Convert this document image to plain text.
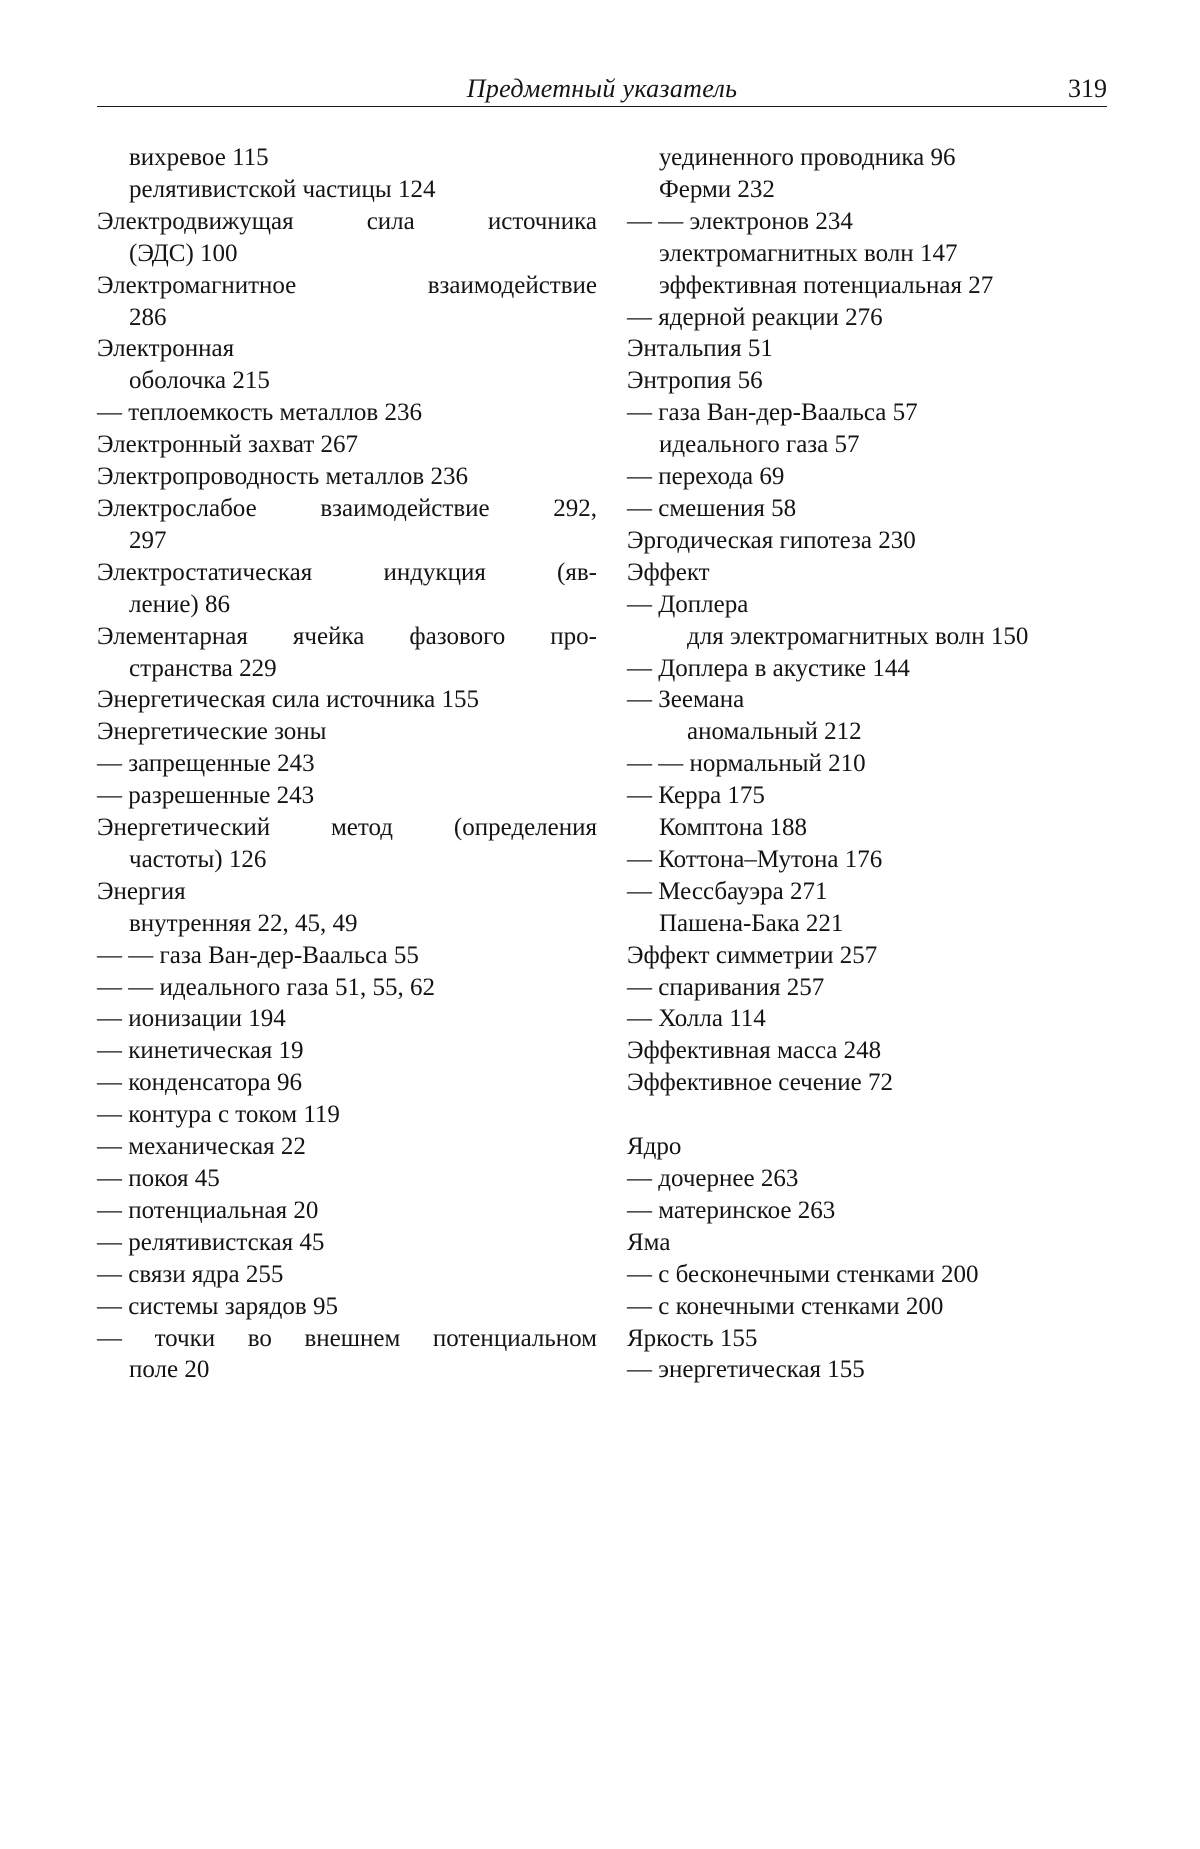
Предметный указатель	319
вихревое 115
релятивистской частицы 124
Электродвижущая сила источника
(ЭДС) 100
Электромагнитное взаимодействие
286
Электронная
оболочка 215
— теплоемкость металлов 236
Электронный захват 267
Электропроводность металлов 236
Электрослабое взаимодействие 292,
297
Электростатическая индукция (яв-
ление) 86
Элементарная ячейка фазового про-
странства 229
Энергетическая сила источника 155
Энергетические зоны
— запрещенные 243
— разрешенные 243
Энергетический метод (определения
частоты) 126
Энергия
внутренняя 22, 45, 49
— — газа Ван-дер-Ваальса 55
— — идеального газа 51, 55, 62
— ионизации 194
— кинетическая 19
— конденсатора 96
— контура с током 119
— механическая 22
— покоя 45
— потенциальная 20
— релятивистская 45
— связи ядра 255
— системы зарядов 95
— точки во внешнем потенциальном
поле 20
уединенного проводника 96
Ферми 232
— — электронов 234
электромагнитных волн 147
эффективная потенциальная 27
— ядерной реакции 276
Энтальпия 51
Энтропия 56
— газа Ван-дер-Ваальса 57
идеального газа 57
— перехода 69
— смешения 58
Эргодическая гипотеза 230
Эффект
— Доплера
для электромагнитных волн 150
— Доплера в акустике 144
— Зеемана
аномальный 212
— — нормальный 210
— Керра 175
Комптона 188
— Коттона–Мутона 176
— Мессбауэра 271
Пашена-Бака 221
Эффект симметрии 257
— спаривания 257
— Холла 114
Эффективная масса 248
Эффективное сечение 72
Ядро
— дочернее 263
— материнское 263
Яма
— с бесконечными стенками 200
— с конечными стенками 200
Яркость 155
— энергетическая 155
